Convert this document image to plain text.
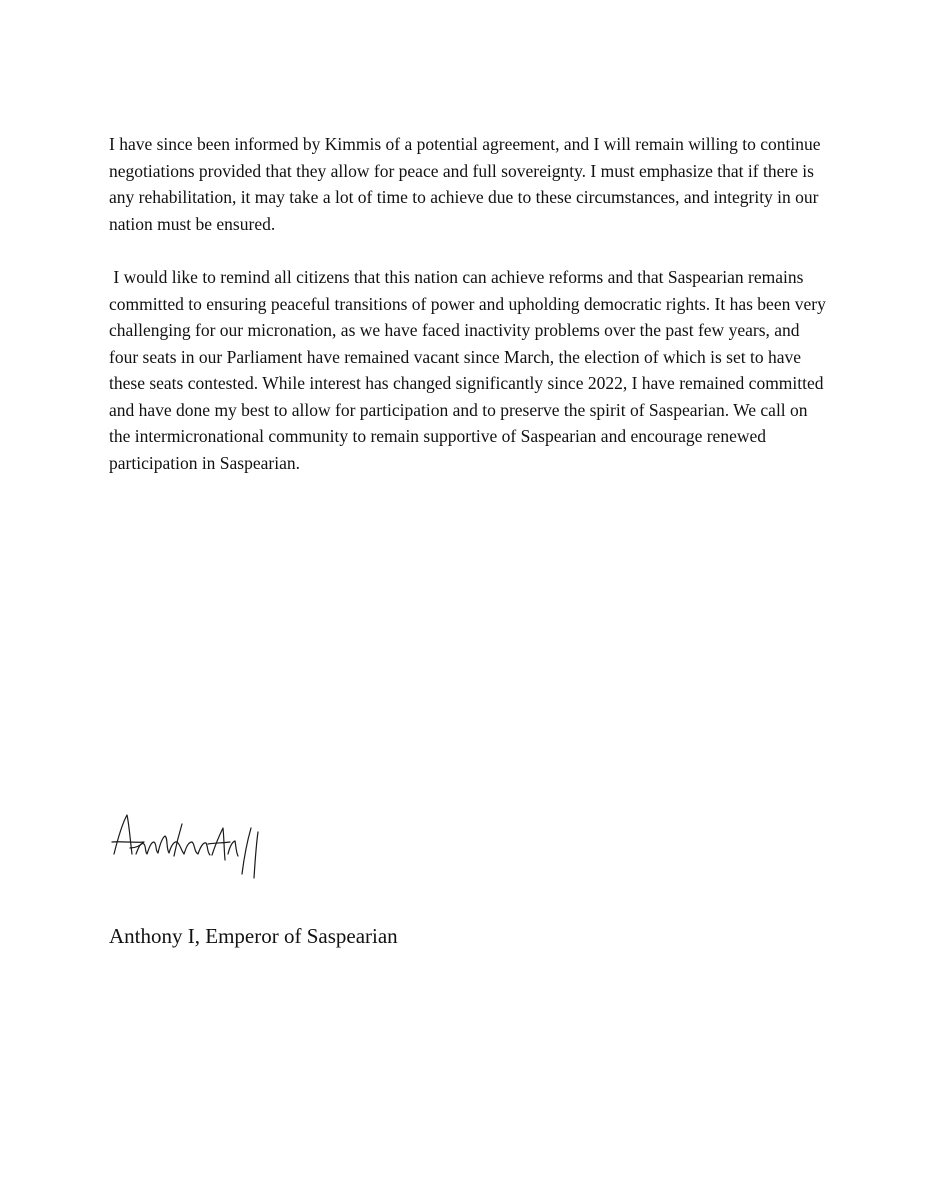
I have since been informed by Kimmis of a potential agreement, and I will remain willing to continue negotiations provided that they allow for peace and full sovereignty. I must emphasize that if there is any rehabilitation, it may take a lot of time to achieve due to these circumstances, and integrity in our nation must be ensured.

I would like to remind all citizens that this nation can achieve reforms and that Saspearian remains committed to ensuring peaceful transitions of power and upholding democratic rights. It has been very challenging for our micronation, as we have faced inactivity problems over the past few years, and four seats in our Parliament have remained vacant since March, the election of which is set to have these seats contested. While interest has changed significantly since 2022, I have remained committed and have done my best to allow for participation and to preserve the spirit of Saspearian. We call on the intermicronational community to remain supportive of Saspearian and encourage renewed participation in Saspearian.

Anthony I, Emperor of Saspearian
